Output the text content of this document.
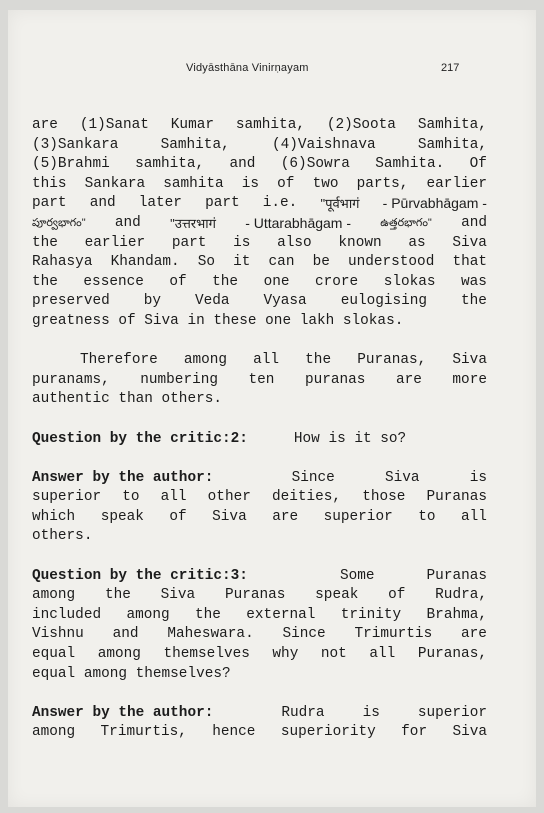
Vidyāsthāna Vinirṇayam	217
are (1)Sanat Kumar samhita, (2)Soota Samhita,
(3)Sankara	Samhita,	(4)Vaishnava	Samhita,
(5)Brahmi samhita, and (6)Sowra Samhita. Of
this Sankara samhita is of two parts, earlier
part and later part i.e. "पूर्वभागं - Pūrvabhāgam -
పూర్వభాగం" and "उत्तरभागं - Uttarabhāgam -	ఉత్తరభాగం" and
the earlier part is also known as Siva
Rahasya Khandam. So it can be understood that
the essence of the one crore slokas was
preserved by Veda Vyasa eulogising the
greatness of Siva in these one lakh slokas.
Therefore among all the Puranas, Siva
puranams, numbering ten puranas are more
authentic than others.
Question by the critic:2:	How is it so?
Answer by the author:	Since	Siva	is
superior to all other deities, those Puranas
which speak of Siva are superior to all
others.
Question by the critic:3:	Some	Puranas
among the Siva Puranas speak of Rudra,
included among the external trinity Brahma,
Vishnu and Maheswara. Since Trimurtis are
equal among themselves why not all Puranas,
equal among themselves?
Answer by the author:	Rudra	is	superior
among Trimurtis, hence superiority for Siva
